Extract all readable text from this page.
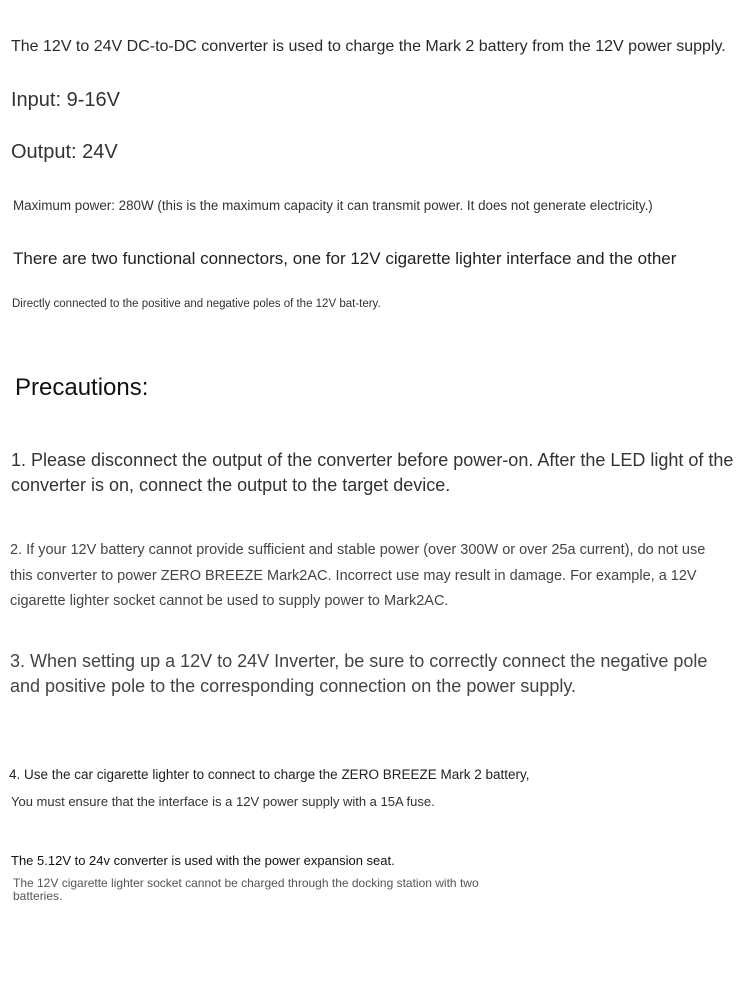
The 12V to 24V DC-to-DC converter is used to charge the Mark 2 battery from the 12V power supply.

Input: 9-16V

Output: 24V

Maximum power: 280W (this is the maximum capacity it can transmit power. It does not generate electricity.)

There are two functional connectors, one for 12V cigarette lighter interface and the other

Directly connected to the positive and negative poles of the 12V bat-tery.

Precautions:

1. Please disconnect the output of the converter before power-on. After the LED light of the converter is on, connect the output to the target device.

2. If your 12V battery cannot provide sufficient and stable power (over 300W or over 25a current), do not use this converter to power ZERO BREEZE Mark2AC. Incorrect use may result in damage. For example, a 12V cigarette lighter socket cannot be used to supply power to Mark2AC.

3. When setting up a 12V to 24V Inverter, be sure to correctly connect the negative pole and positive pole to the corresponding connection on the power supply.

4. Use the car cigarette lighter to connect to charge the ZERO BREEZE Mark 2 battery,

You must ensure that the interface is a 12V power supply with a 15A fuse.

The 5.12V to 24v converter is used with the power expansion seat.

The 12V cigarette lighter socket cannot be charged through the docking station with two batteries.
